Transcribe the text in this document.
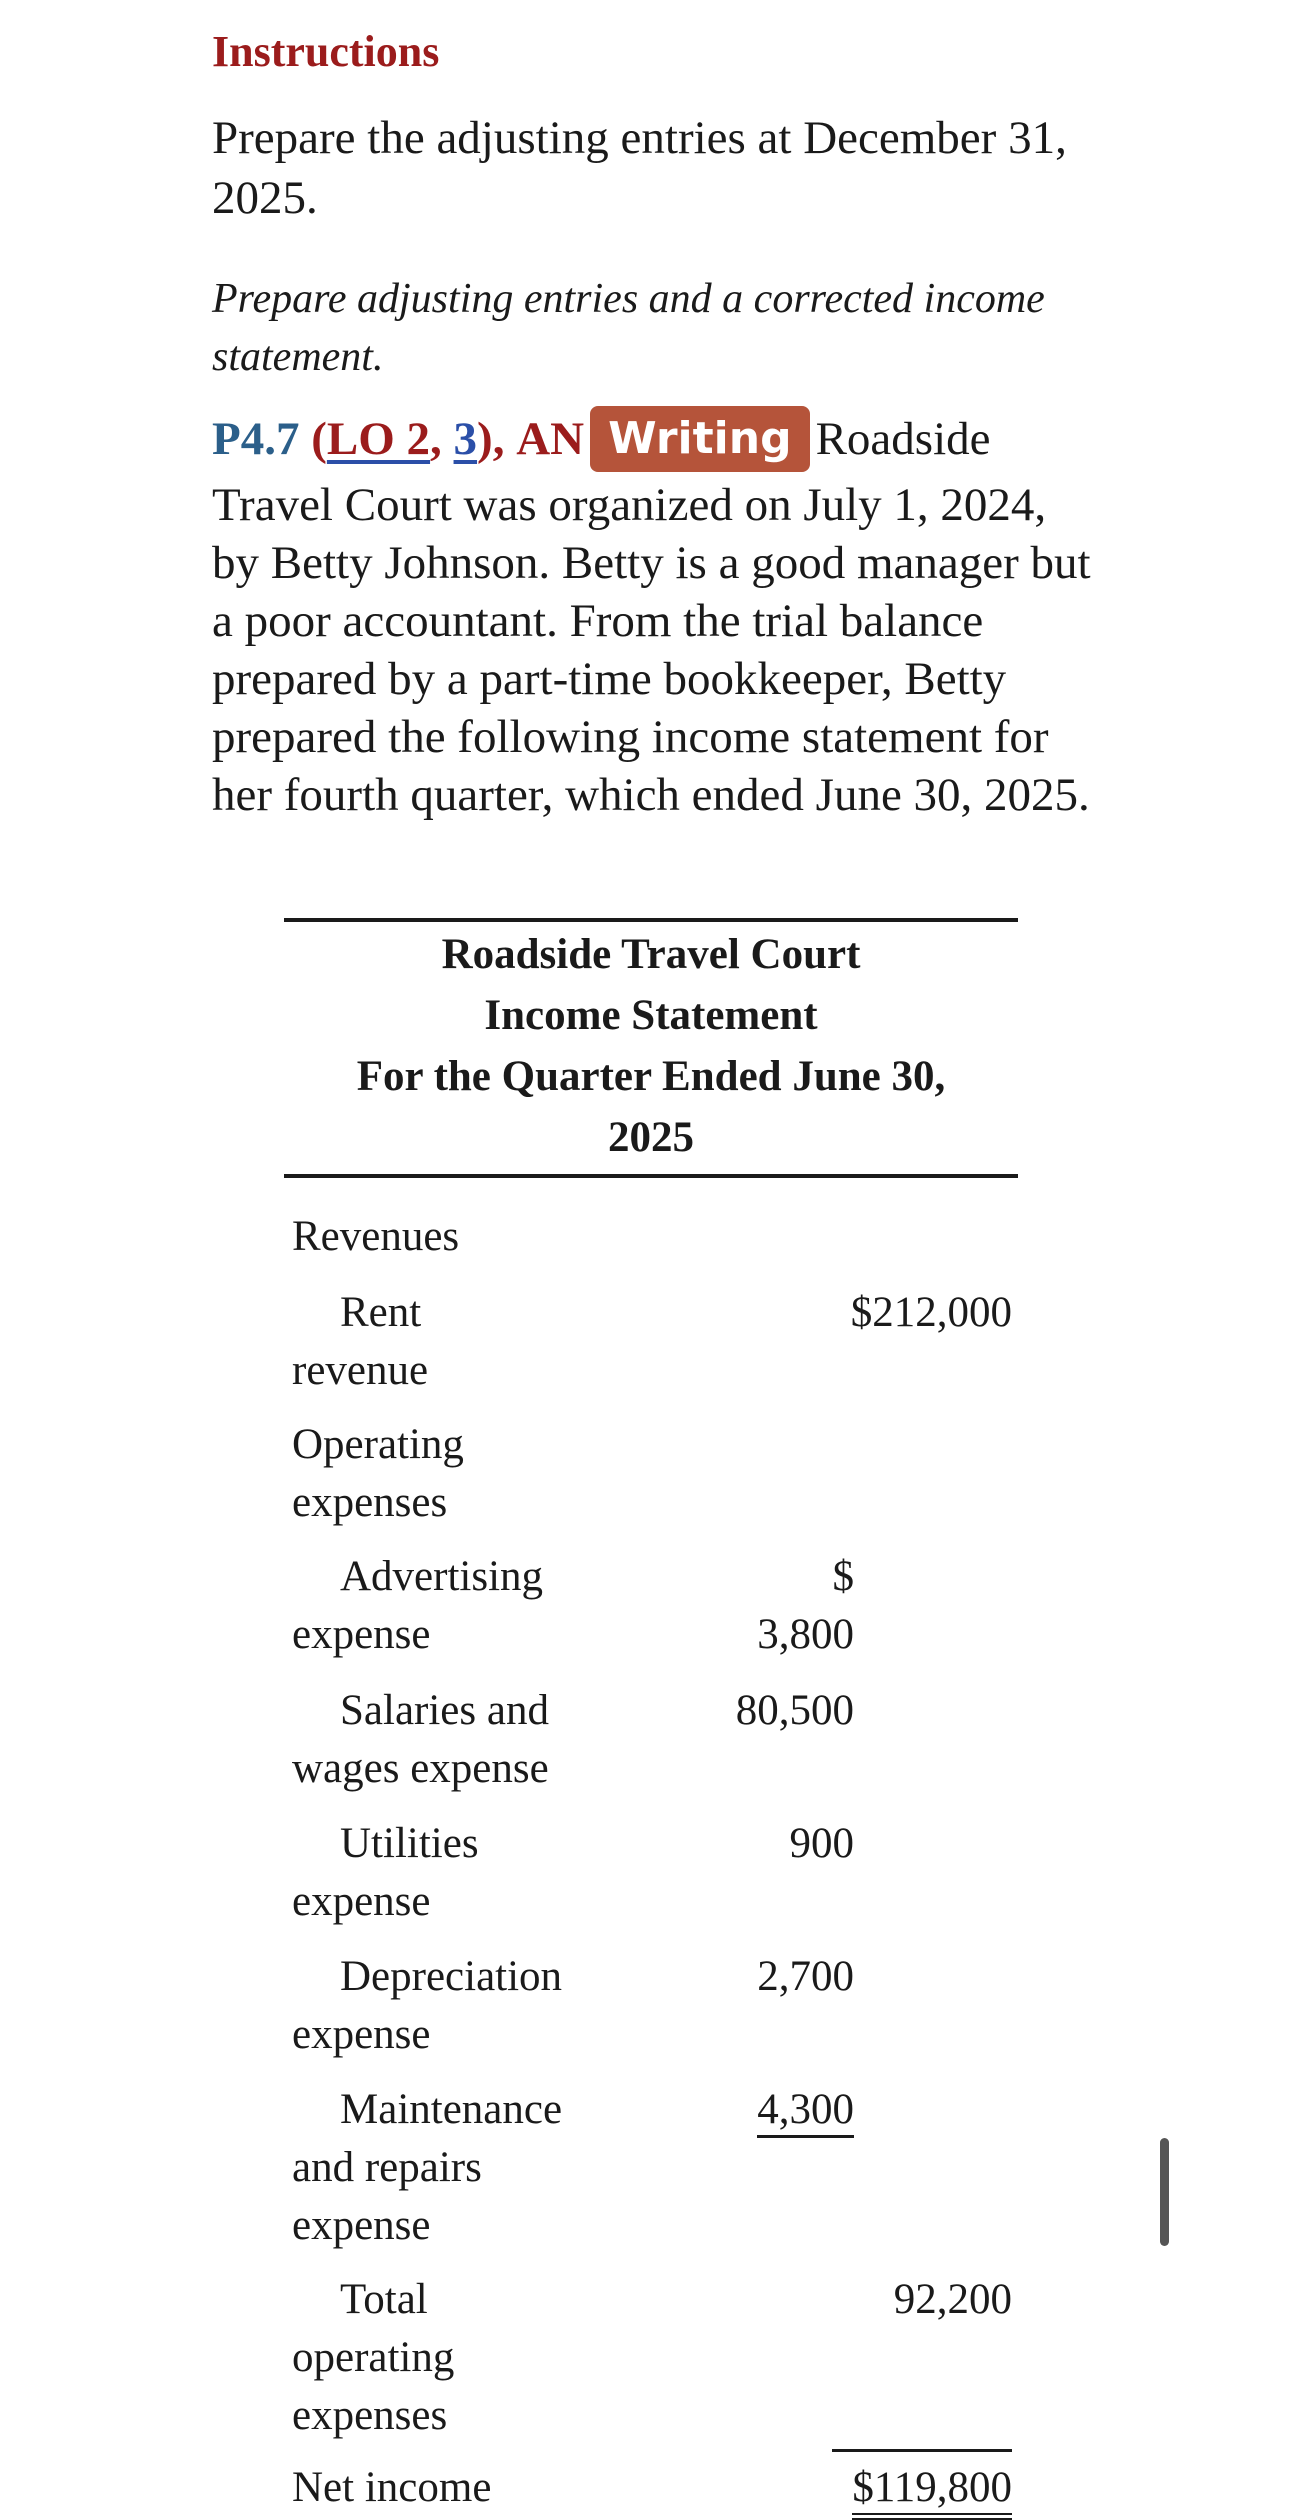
Instructions

Prepare the adjusting entries at December 31, 2025.

Prepare adjusting entries and a corrected income statement.

P4.7 (LO 2, 3), AN Writing Roadside Travel Court was organized on July 1, 2024, by Betty Johnson. Betty is a good manager but a poor accountant. From the trial balance prepared by a part-time bookkeeper, Betty prepared the following income statement for her fourth quarter, which ended June 30, 2025.

Roadside Travel Court
Income Statement
For the Quarter Ended June 30,
2025
Revenues
Rent
revenue
$212,000
Operating
expenses
Advertising
expense
$
3,800
Salaries and
wages expense
80,500
Utilities
expense
900
Depreciation
expense
2,700
Maintenance
and repairs
expense
4,300
Total
operating
expenses
92,200
Net income	$119,800
